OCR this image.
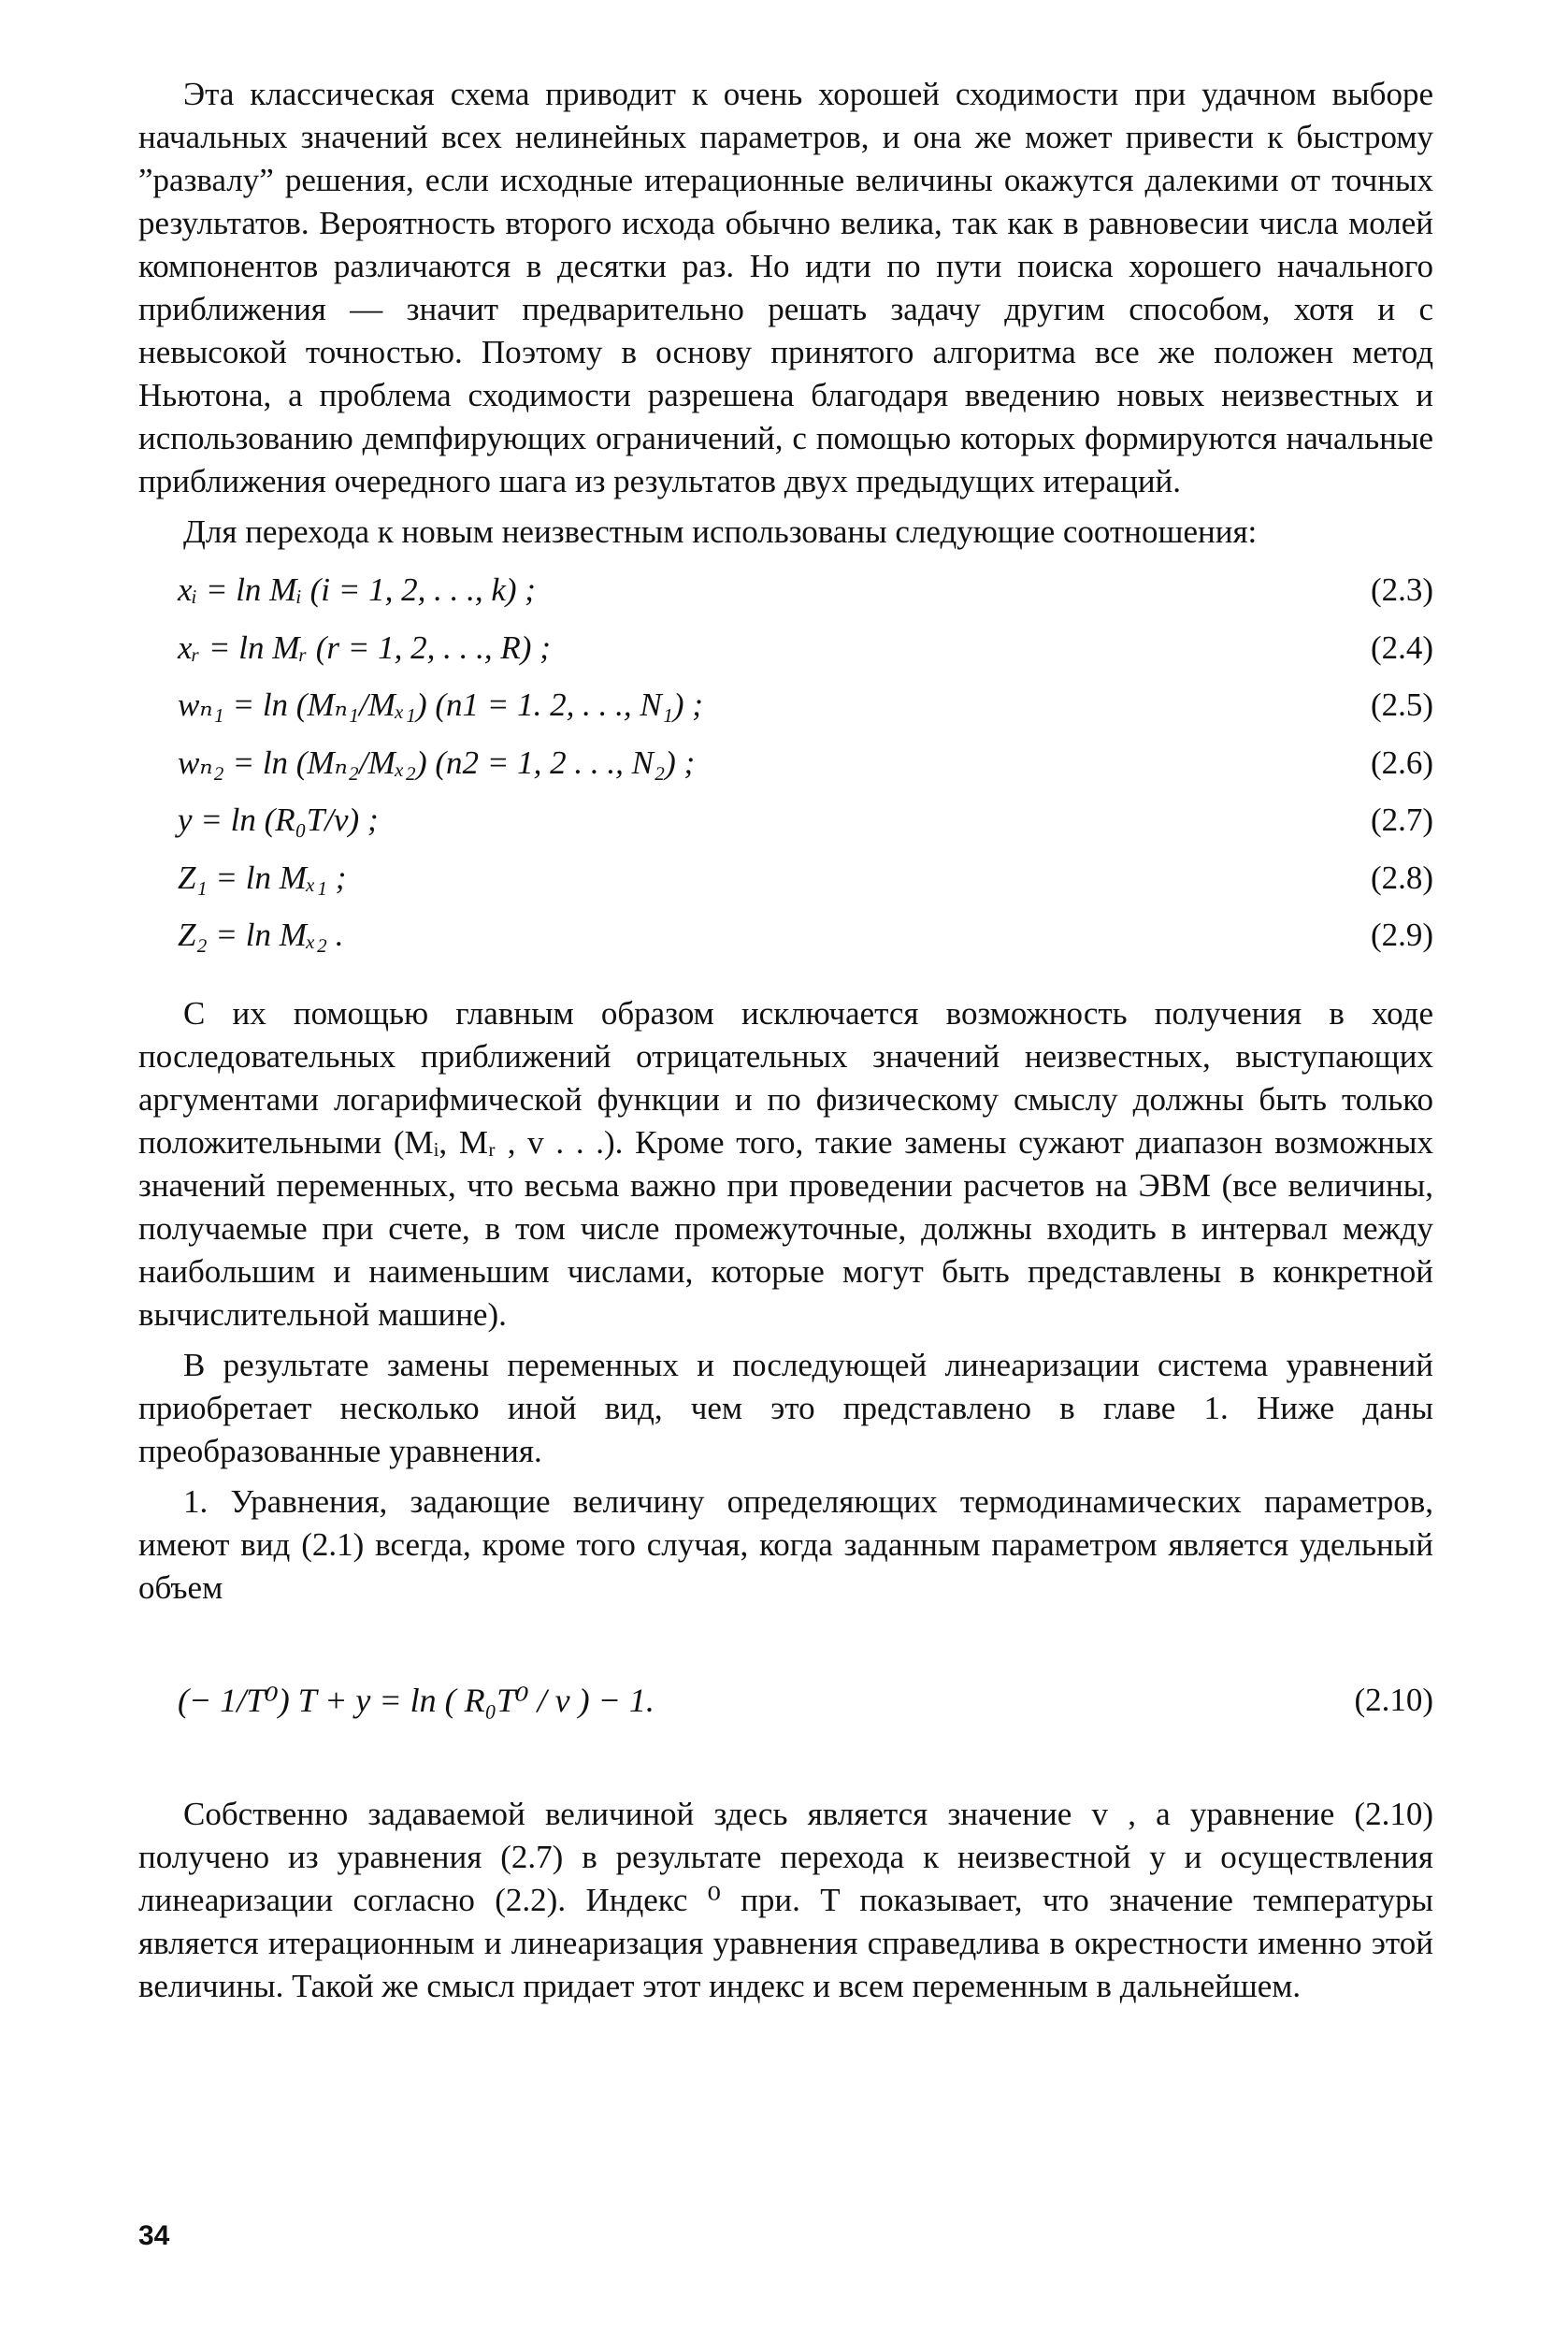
Эта классическая схема приводит к очень хорошей сходимости при удачном выборе начальных значений всех нелинейных параметров, и она же может привести к быстрому ”развалу” решения, если исходные итерационные величины окажутся далекими от точных результатов. Вероятность второго исхода обычно велика, так как в равновесии числа молей компонентов различаются в десятки раз. Но идти по пути поиска хорошего начального приближения — значит предварительно решать задачу другим способом, хотя и с невысокой точностью. Поэтому в основу принятого алгоритма все же положен метод Ньютона, а проблема сходимости разрешена благодаря введению новых неизвестных и использованию демпфирующих ограничений, с помощью которых формируются начальные приближения очередного шага из результатов двух предыдущих итераций.

Для перехода к новым неизвестным использованы следующие соотношения:

xᵢ = ln Mᵢ (i = 1, 2, . . ., k) ;	(2.3)
xᵣ = ln Mᵣ (r = 1, 2, . . ., R) ;	(2.4)
wₙ₁ = ln (Mₙ₁/Mₓ₁) (n1 = 1. 2, . . ., N₁) ;	(2.5)
wₙ₂ = ln (Mₙ₂/Mₓ₂) (n2 = 1, 2 . . ., N₂) ;	(2.6)
y = ln (R₀T/v) ;	(2.7)
Z₁ = ln Mₓ₁ ;	(2.8)
Z₂ = ln Mₓ₂ .	(2.9)

С их помощью главным образом исключается возможность получения в ходе последовательных приближений отрицательных значений неизвестных, выступающих аргументами логарифмической функции и по физическому смыслу должны быть только положительными (Mᵢ, Mᵣ , v . . .). Кроме того, такие замены сужают диапазон возможных значений переменных, что весьма важно при проведении расчетов на ЭВМ (все величины, получаемые при счете, в том числе промежуточные, должны входить в интервал между наибольшим и наименьшим числами, которые могут быть представлены в конкретной вычислительной машине).

В результате замены переменных и последующей линеаризации система уравнений приобретает несколько иной вид, чем это представлено в главе 1. Ниже даны преобразованные уравнения.

1. Уравнения, задающие величину определяющих термодинамических параметров, имеют вид (2.1) всегда, кроме того случая, когда заданным параметром является удельный объем

(− 1/T⁰) T + y = ln ( R₀T⁰ / v ) − 1.	(2.10)

Собственно задаваемой величиной здесь является значение v , а уравнение (2.10) получено из уравнения (2.7) в результате перехода к неизвестной y и осуществления линеаризации согласно (2.2). Индекс ⁰ при. T показывает, что значение температуры является итерационным и линеаризация уравнения справедлива в окрестности именно этой величины. Такой же смысл придает этот индекс и всем переменным в дальнейшем.

34
